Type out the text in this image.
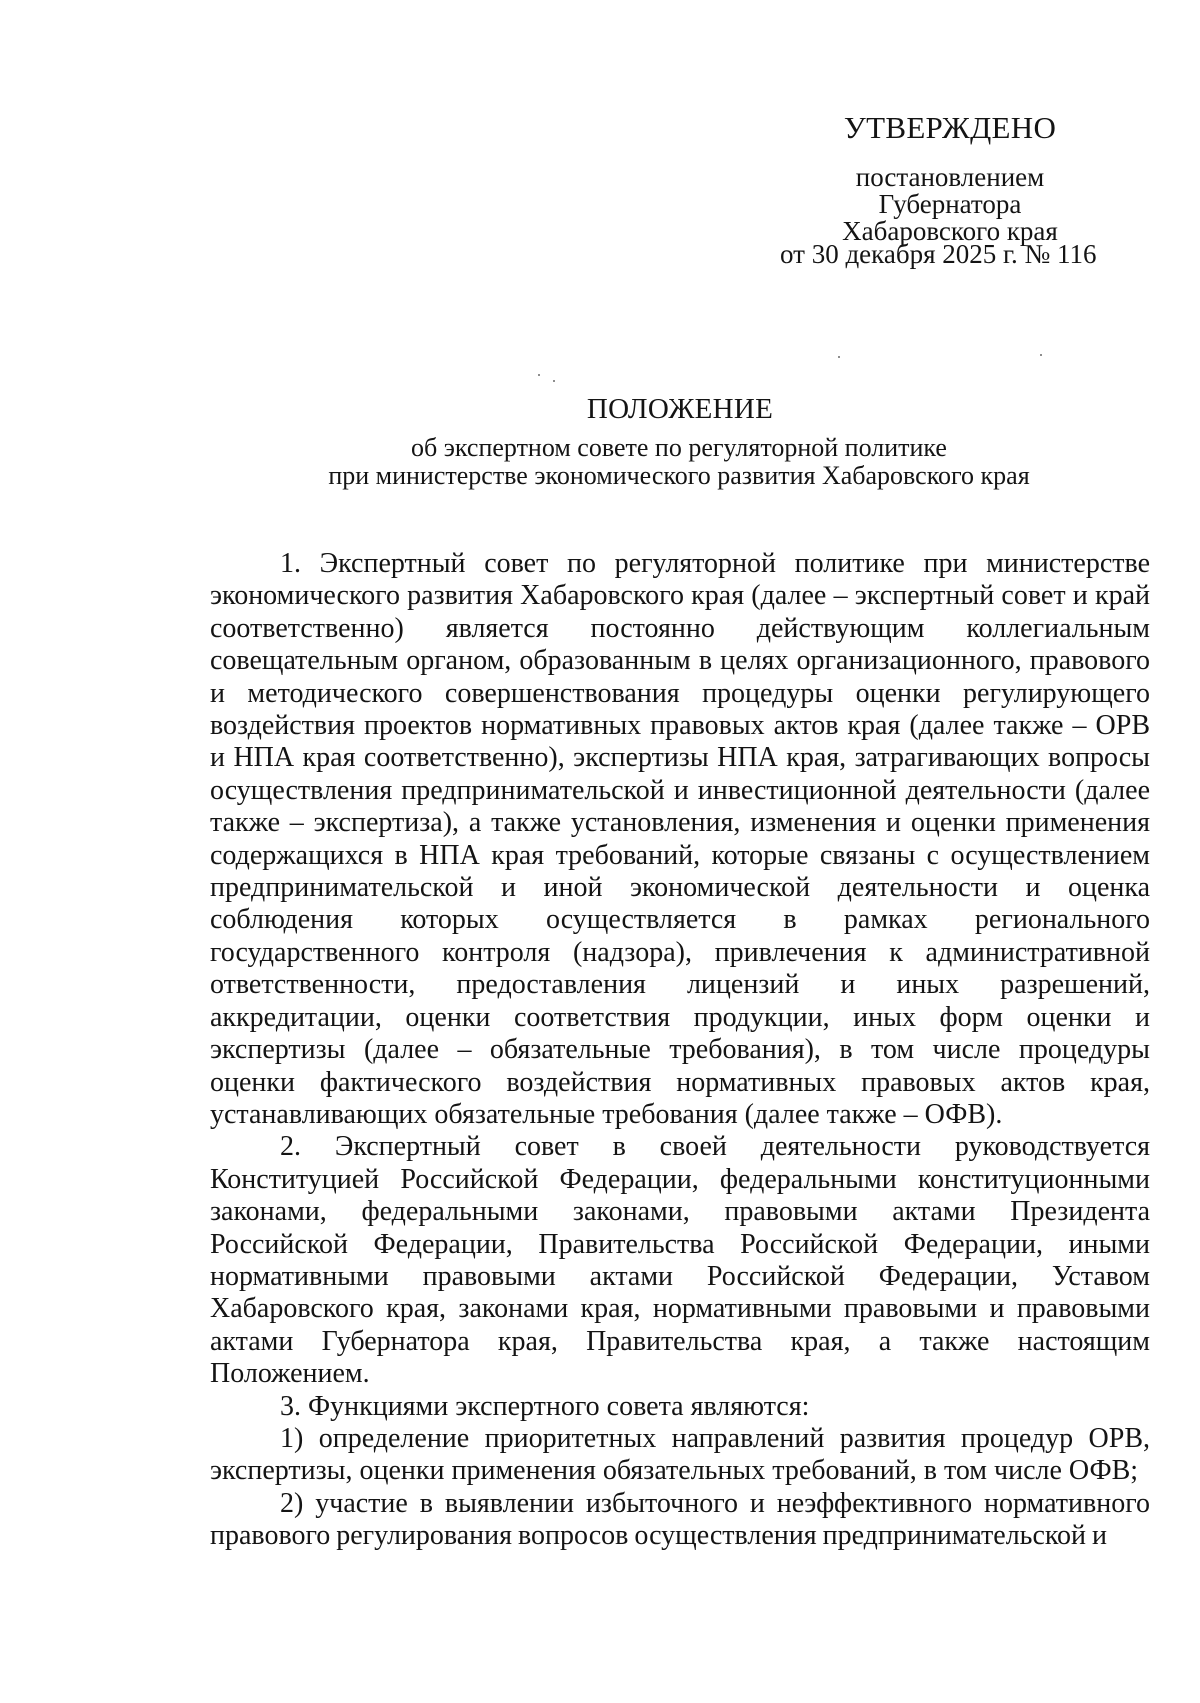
УТВЕРЖДЕНО
постановлением
Губернатора
Хабаровского края
от 30 декабря 2025 г. № 116
ПОЛОЖЕНИЕ
об экспертном совете по регуляторной политике
при министерстве экономического развития Хабаровского края

1. Экспертный совет по регуляторной политике при министерстве экономического развития Хабаровского края (далее – экспертный совет и край соответственно) является постоянно действующим коллегиальным совещательным органом, образованным в целях организационного, правового и методического совершенствования процедуры оценки регулирующего воздействия проектов нормативных правовых актов края (далее также – ОРВ и НПА края соответственно), экспертизы НПА края, затрагивающих вопросы осуществления предпринимательской и инвестиционной деятельности (далее также – экспертиза), а также установления, изменения и оценки применения содержащихся в НПА края требований, которые связаны с осуществлением предпринимательской и иной экономической деятельности и оценка соблюдения которых осуществляется в рамках регионального государственного контроля (надзора), привлечения к административной ответственности, предоставления лицензий и иных разрешений, аккредитации, оценки соответствия продукции, иных форм оценки и экспертизы (далее – обязательные требования), в том числе процедуры оценки фактического воздействия нормативных правовых актов края, устанавливающих обязательные требования (далее также – ОФВ).

2. Экспертный совет в своей деятельности руководствуется Конституцией Российской Федерации, федеральными конституционными законами, федеральными законами, правовыми актами Президента Российской Федерации, Правительства Российской Федерации, иными нормативными правовыми актами Российской Федерации, Уставом Хабаровского края, законами края, нормативными правовыми и правовыми актами Губернатора края, Правительства края, а также настоящим Положением.

3. Функциями экспертного совета являются:

1) определение приоритетных направлений развития процедур ОРВ, экспертизы, оценки применения обязательных требований, в том числе ОФВ;

2) участие в выявлении избыточного и неэффективного нормативного правового регулирования вопросов осуществления предпринимательской и
